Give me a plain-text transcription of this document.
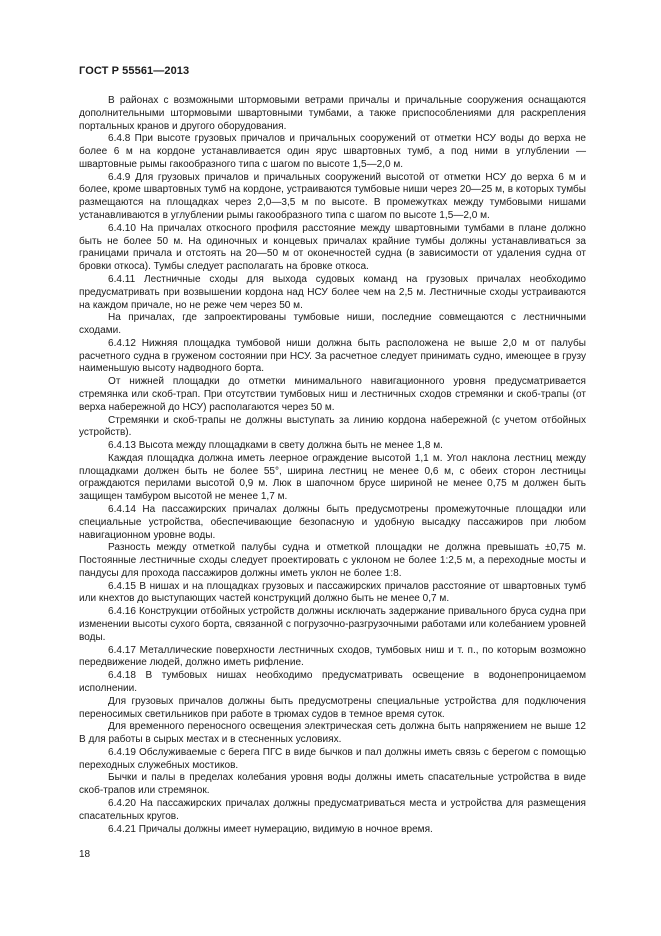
ГОСТ Р 55561—2013

В районах с возможными штормовыми ветрами причалы и причальные сооружения оснащаются дополнительными штормовыми швартовными тумбами, а также приспособлениями для раскрепления портальных кранов и другого оборудования.

6.4.8 При высоте грузовых причалов и причальных сооружений от отметки НСУ воды до верха не более 6 м на кордоне устанавливается один ярус швартовных тумб, а под ними в углублении — швартовные рымы гакообразного типа с шагом по высоте 1,5—2,0 м.

6.4.9 Для грузовых причалов и причальных сооружений высотой от отметки НСУ до верха 6 м и более, кроме швартовных тумб на кордоне, устраиваются тумбовые ниши через 20—25 м, в которых тумбы размещаются на площадках через 2,0—3,5 м по высоте. В промежутках между тумбовыми нишами устанавливаются в углублении рымы гакообразного типа с шагом по высоте 1,5—2,0 м.

6.4.10 На причалах откосного профиля расстояние между швартовными тумбами в плане должно быть не более 50 м. На одиночных и концевых причалах крайние тумбы должны устанавливаться за границами причала и отстоять на 20—50 м от оконечностей судна (в зависимости от удаления судна от бровки откоса). Тумбы следует располагать на бровке откоса.

6.4.11 Лестничные сходы для выхода судовых команд на грузовых причалах необходимо предусматривать при возвышении кордона над НСУ более чем на 2,5 м. Лестничные сходы устраиваются на каждом причале, но не реже чем через 50 м.

На причалах, где запроектированы тумбовые ниши, последние совмещаются с лестничными сходами.

6.4.12 Нижняя площадка тумбовой ниши должна быть расположена не выше 2,0 м от палубы расчетного судна в груженом состоянии при НСУ. За расчетное следует принимать судно, имеющее в грузу наименьшую высоту надводного борта.

От нижней площадки до отметки минимального навигационного уровня предусматривается стремянка или скоб-трап. При отсутствии тумбовых ниш и лестничных сходов стремянки и скоб-трапы (от верха набережной до НСУ) располагаются через 50 м.

Стремянки и скоб-трапы не должны выступать за линию кордона набережной (с учетом отбойных устройств).

6.4.13 Высота между площадками в свету должна быть не менее 1,8 м.

Каждая площадка должна иметь леерное ограждение высотой 1,1 м. Угол наклона лестниц между площадками должен быть не более 55°, ширина лестниц не менее 0,6 м, с обеих сторон лестницы ограждаются перилами высотой 0,9 м. Люк в шапочном брусе шириной не менее 0,75 м должен быть защищен тамбуром высотой не менее 1,7 м.

6.4.14 На пассажирских причалах должны быть предусмотрены промежуточные площадки или специальные устройства, обеспечивающие безопасную и удобную высадку пассажиров при любом навигационном уровне воды.

Разность между отметкой палубы судна и отметкой площадки не должна превышать ±0,75 м. Постоянные лестничные сходы следует проектировать с уклоном не более 1:2,5 м, а переходные мосты и пандусы для прохода пассажиров должны иметь уклон не более 1:8.

6.4.15 В нишах и на площадках грузовых и пассажирских причалов расстояние от швартовных тумб или кнехтов до выступающих частей конструкций должно быть не менее 0,7 м.

6.4.16 Конструкции отбойных устройств должны исключать задержание привального бруса судна при изменении высоты сухого борта, связанной с погрузочно-разгрузочными работами или колебанием уровней воды.

6.4.17 Металлические поверхности лестничных сходов, тумбовых ниш и т. п., по которым возможно передвижение людей, должно иметь рифление.

6.4.18 В тумбовых нишах необходимо предусматривать освещение в водонепроницаемом исполнении.

Для грузовых причалов должны быть предусмотрены специальные устройства для подключения переносимых светильников при работе в трюмах судов в темное время суток.

Для временного переносного освещения электрическая сеть должна быть напряжением не выше 12 В для работы в сырых местах и в стесненных условиях.

6.4.19 Обслуживаемые с берега ПГС в виде бычков и пал должны иметь связь с берегом с помощью переходных служебных мостиков.

Бычки и палы в пределах колебания уровня воды должны иметь спасательные устройства в виде скоб-трапов или стремянок.

6.4.20 На пассажирских причалах должны предусматриваться места и устройства для размещения спасательных кругов.

6.4.21 Причалы должны имеет нумерацию, видимую в ночное время.

18
